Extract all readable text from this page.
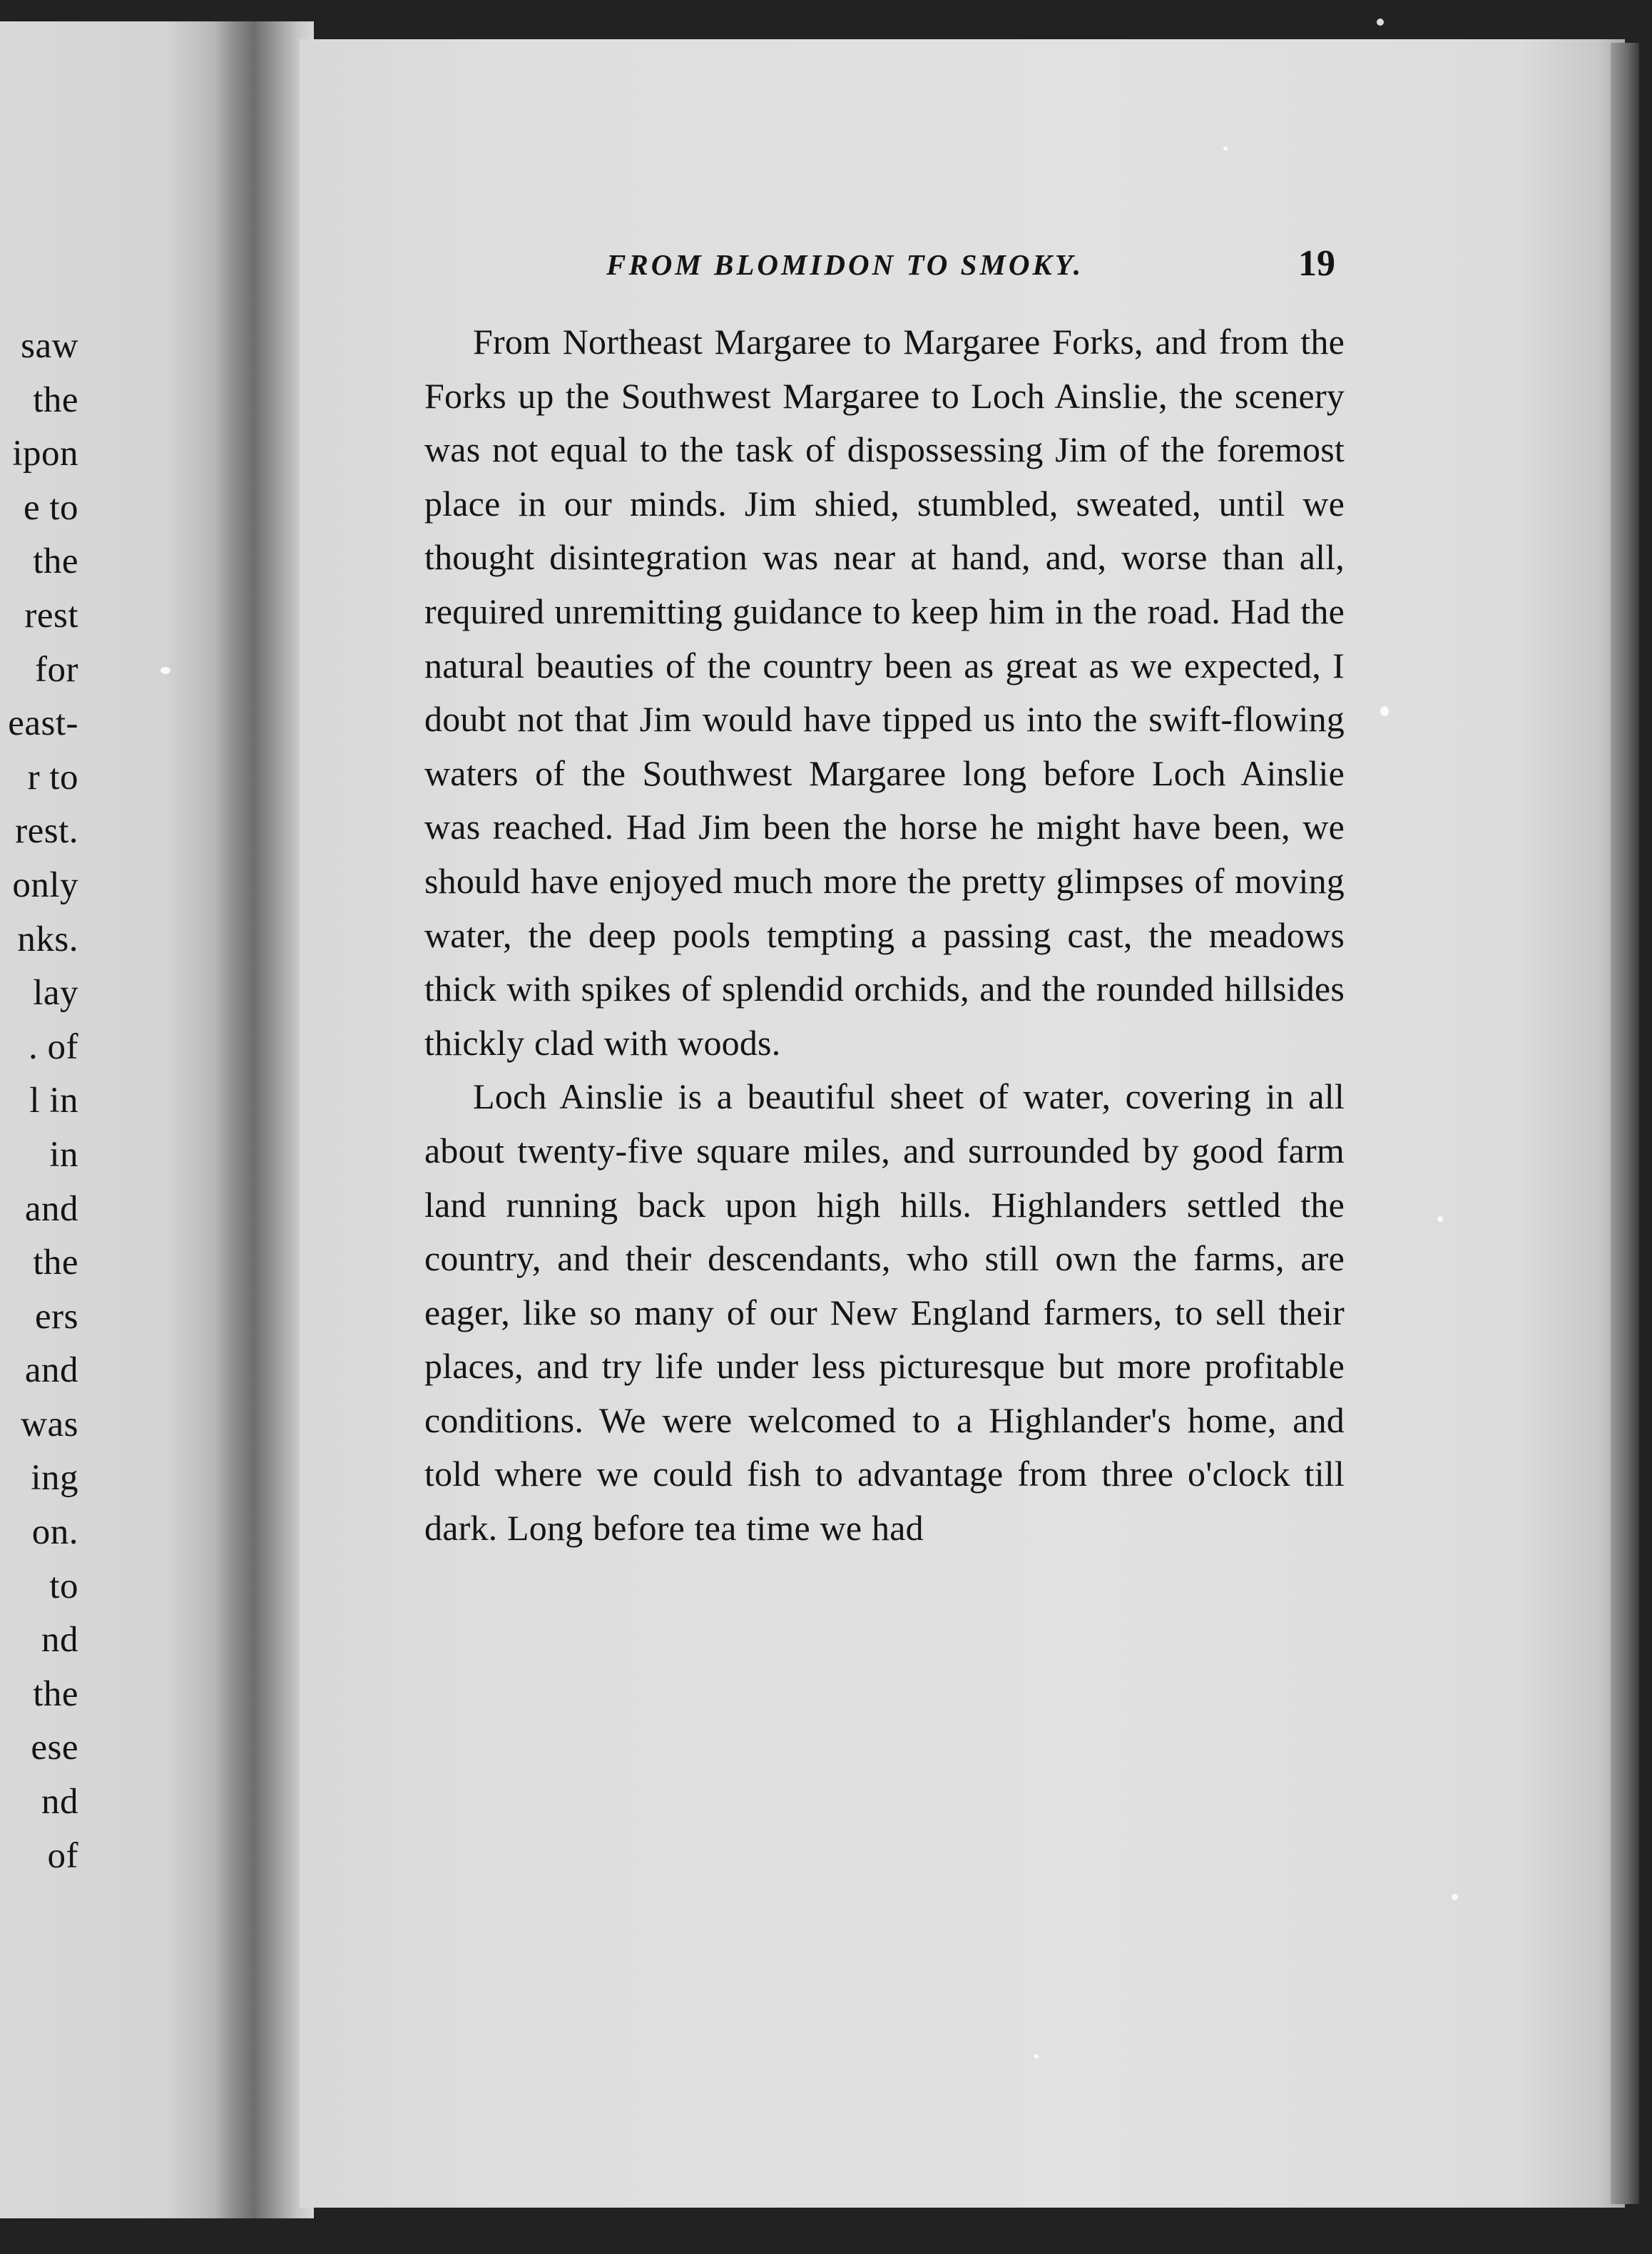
saw
the
ipon
e to
the
rest
for
east-
r to
rest.
only
nks.
lay
. of
l in
in
and
the
ers
and
was
ing
on.
to
nd
the
ese
nd
of
FROM BLOMIDON TO SMOKY.	19

From Northeast Margaree to Margaree Forks, and from the Forks up the Southwest Margaree to Loch Ainslie, the scenery was not equal to the task of dispossessing Jim of the foremost place in our minds. Jim shied, stumbled, sweated, until we thought disintegration was near at hand, and, worse than all, required unremitting guidance to keep him in the road. Had the natural beauties of the country been as great as we expected, I doubt not that Jim would have tipped us into the swift-flowing waters of the Southwest Margaree long before Loch Ainslie was reached. Had Jim been the horse he might have been, we should have enjoyed much more the pretty glimpses of moving water, the deep pools tempting a passing cast, the meadows thick with spikes of splendid orchids, and the rounded hillsides thickly clad with woods.

Loch Ainslie is a beautiful sheet of water, covering in all about twenty-five square miles, and surrounded by good farm land running back upon high hills. Highlanders settled the country, and their descendants, who still own the farms, are eager, like so many of our New England farmers, to sell their places, and try life under less picturesque but more profitable conditions. We were welcomed to a Highlander's home, and told where we could fish to advantage from three o'clock till dark. Long before tea time we had
